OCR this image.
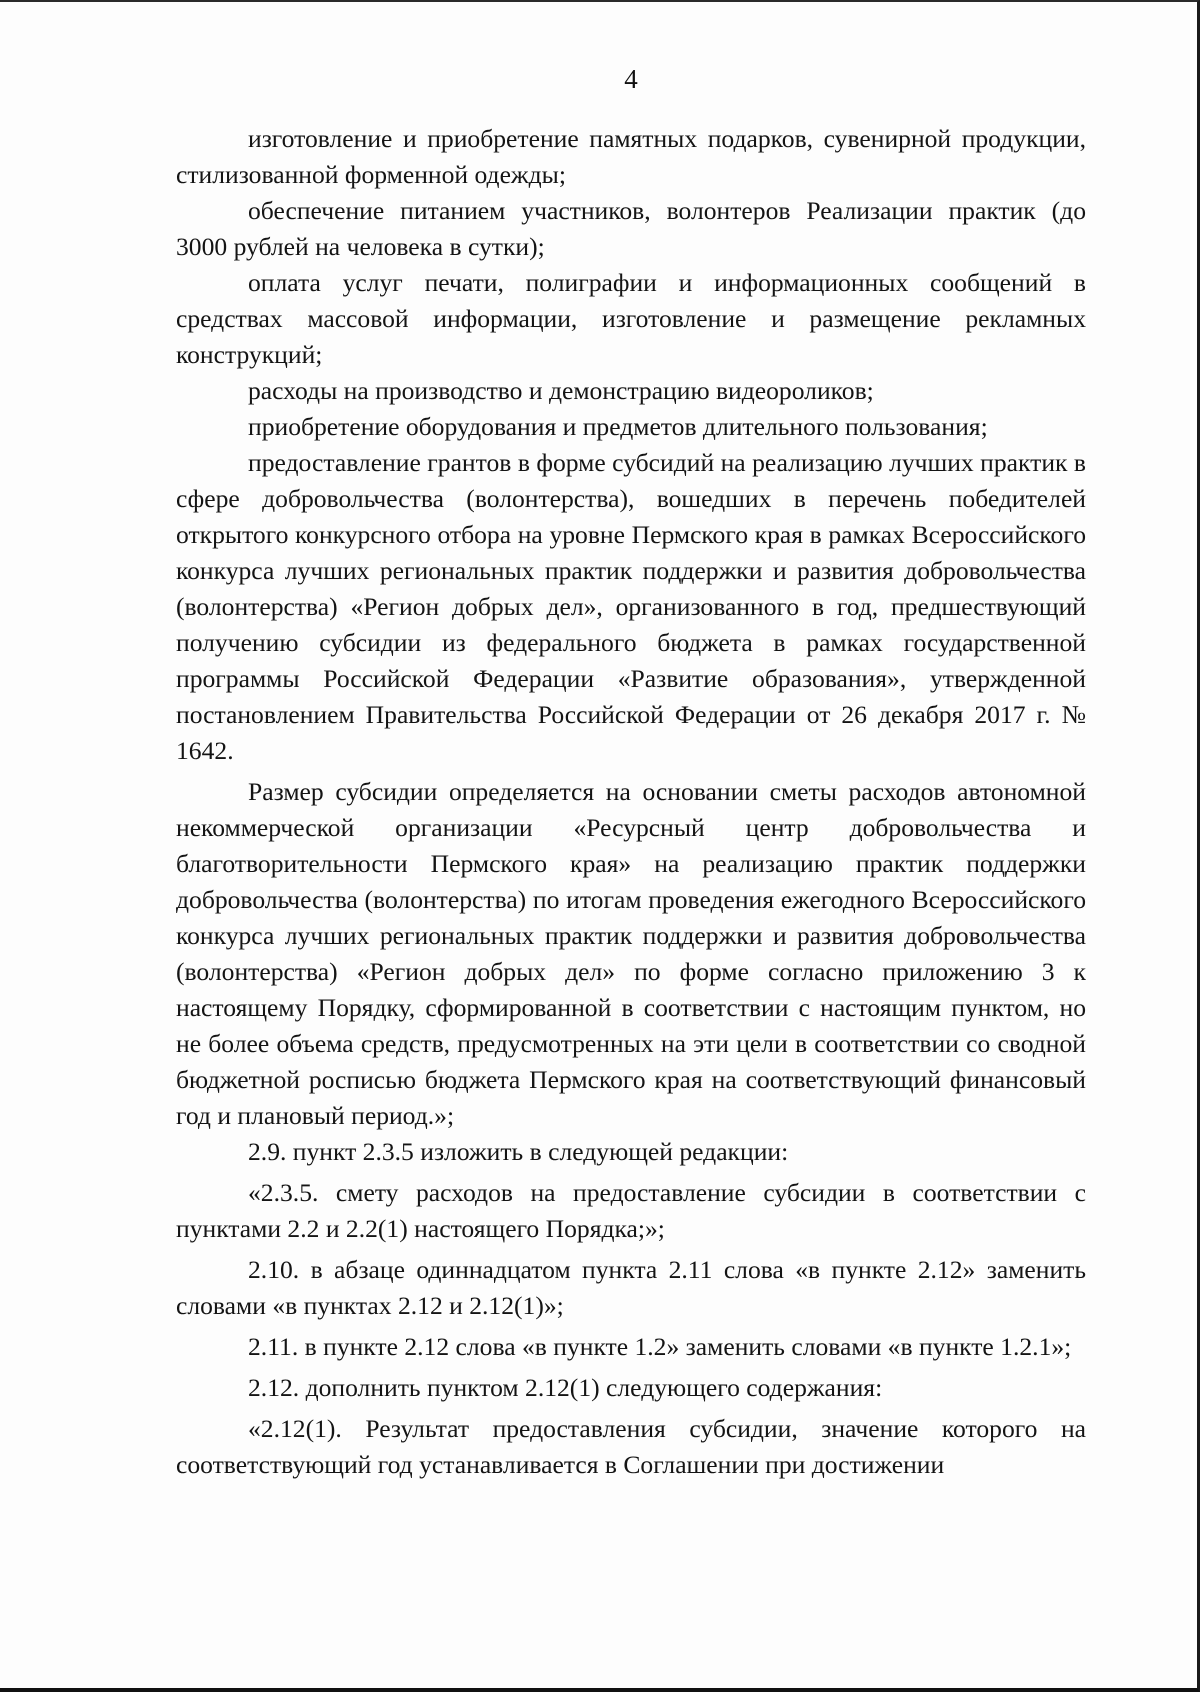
4

изготовление и приобретение памятных подарков, сувенирной продукции, стилизованной форменной одежды;

обеспечение питанием участников, волонтеров Реализации практик (до 3000 рублей на человека в сутки);

оплата услуг печати, полиграфии и информационных сообщений в средствах массовой информации, изготовление и размещение рекламных конструкций;

расходы на производство и демонстрацию видеороликов;

приобретение оборудования и предметов длительного пользования;

предоставление грантов в форме субсидий на реализацию лучших практик в сфере добровольчества (волонтерства), вошедших в перечень победителей открытого конкурсного отбора на уровне Пермского края в рамках Всероссийского конкурса лучших региональных практик поддержки и развития добровольчества (волонтерства) «Регион добрых дел», организованного в год, предшествующий получению субсидии из федерального бюджета в рамках государственной программы Российской Федерации «Развитие образования», утвержденной постановлением Правительства Российской Федерации от 26 декабря 2017 г. № 1642.

Размер субсидии определяется на основании сметы расходов автономной некоммерческой организации «Ресурсный центр добровольчества и благотворительности Пермского края» на реализацию практик поддержки добровольчества (волонтерства) по итогам проведения ежегодного Всероссийского конкурса лучших региональных практик поддержки и развития добровольчества (волонтерства) «Регион добрых дел» по форме согласно приложению 3 к настоящему Порядку, сформированной в соответствии с настоящим пунктом, но не более объема средств, предусмотренных на эти цели в соответствии со сводной бюджетной росписью бюджета Пермского края на соответствующий финансовый год и плановый период.»;

2.9. пункт 2.3.5 изложить в следующей редакции:

«2.3.5. смету расходов на предоставление субсидии в соответствии с пунктами 2.2 и 2.2(1) настоящего Порядка;»;

2.10. в абзаце одиннадцатом пункта 2.11 слова «в пункте 2.12» заменить словами «в пунктах 2.12 и 2.12(1)»;

2.11. в пункте 2.12 слова «в пункте 1.2» заменить словами «в пункте 1.2.1»;

2.12. дополнить пунктом 2.12(1) следующего содержания:

«2.12(1). Результат предоставления субсидии, значение которого на соответствующий год устанавливается в Соглашении при достижении
